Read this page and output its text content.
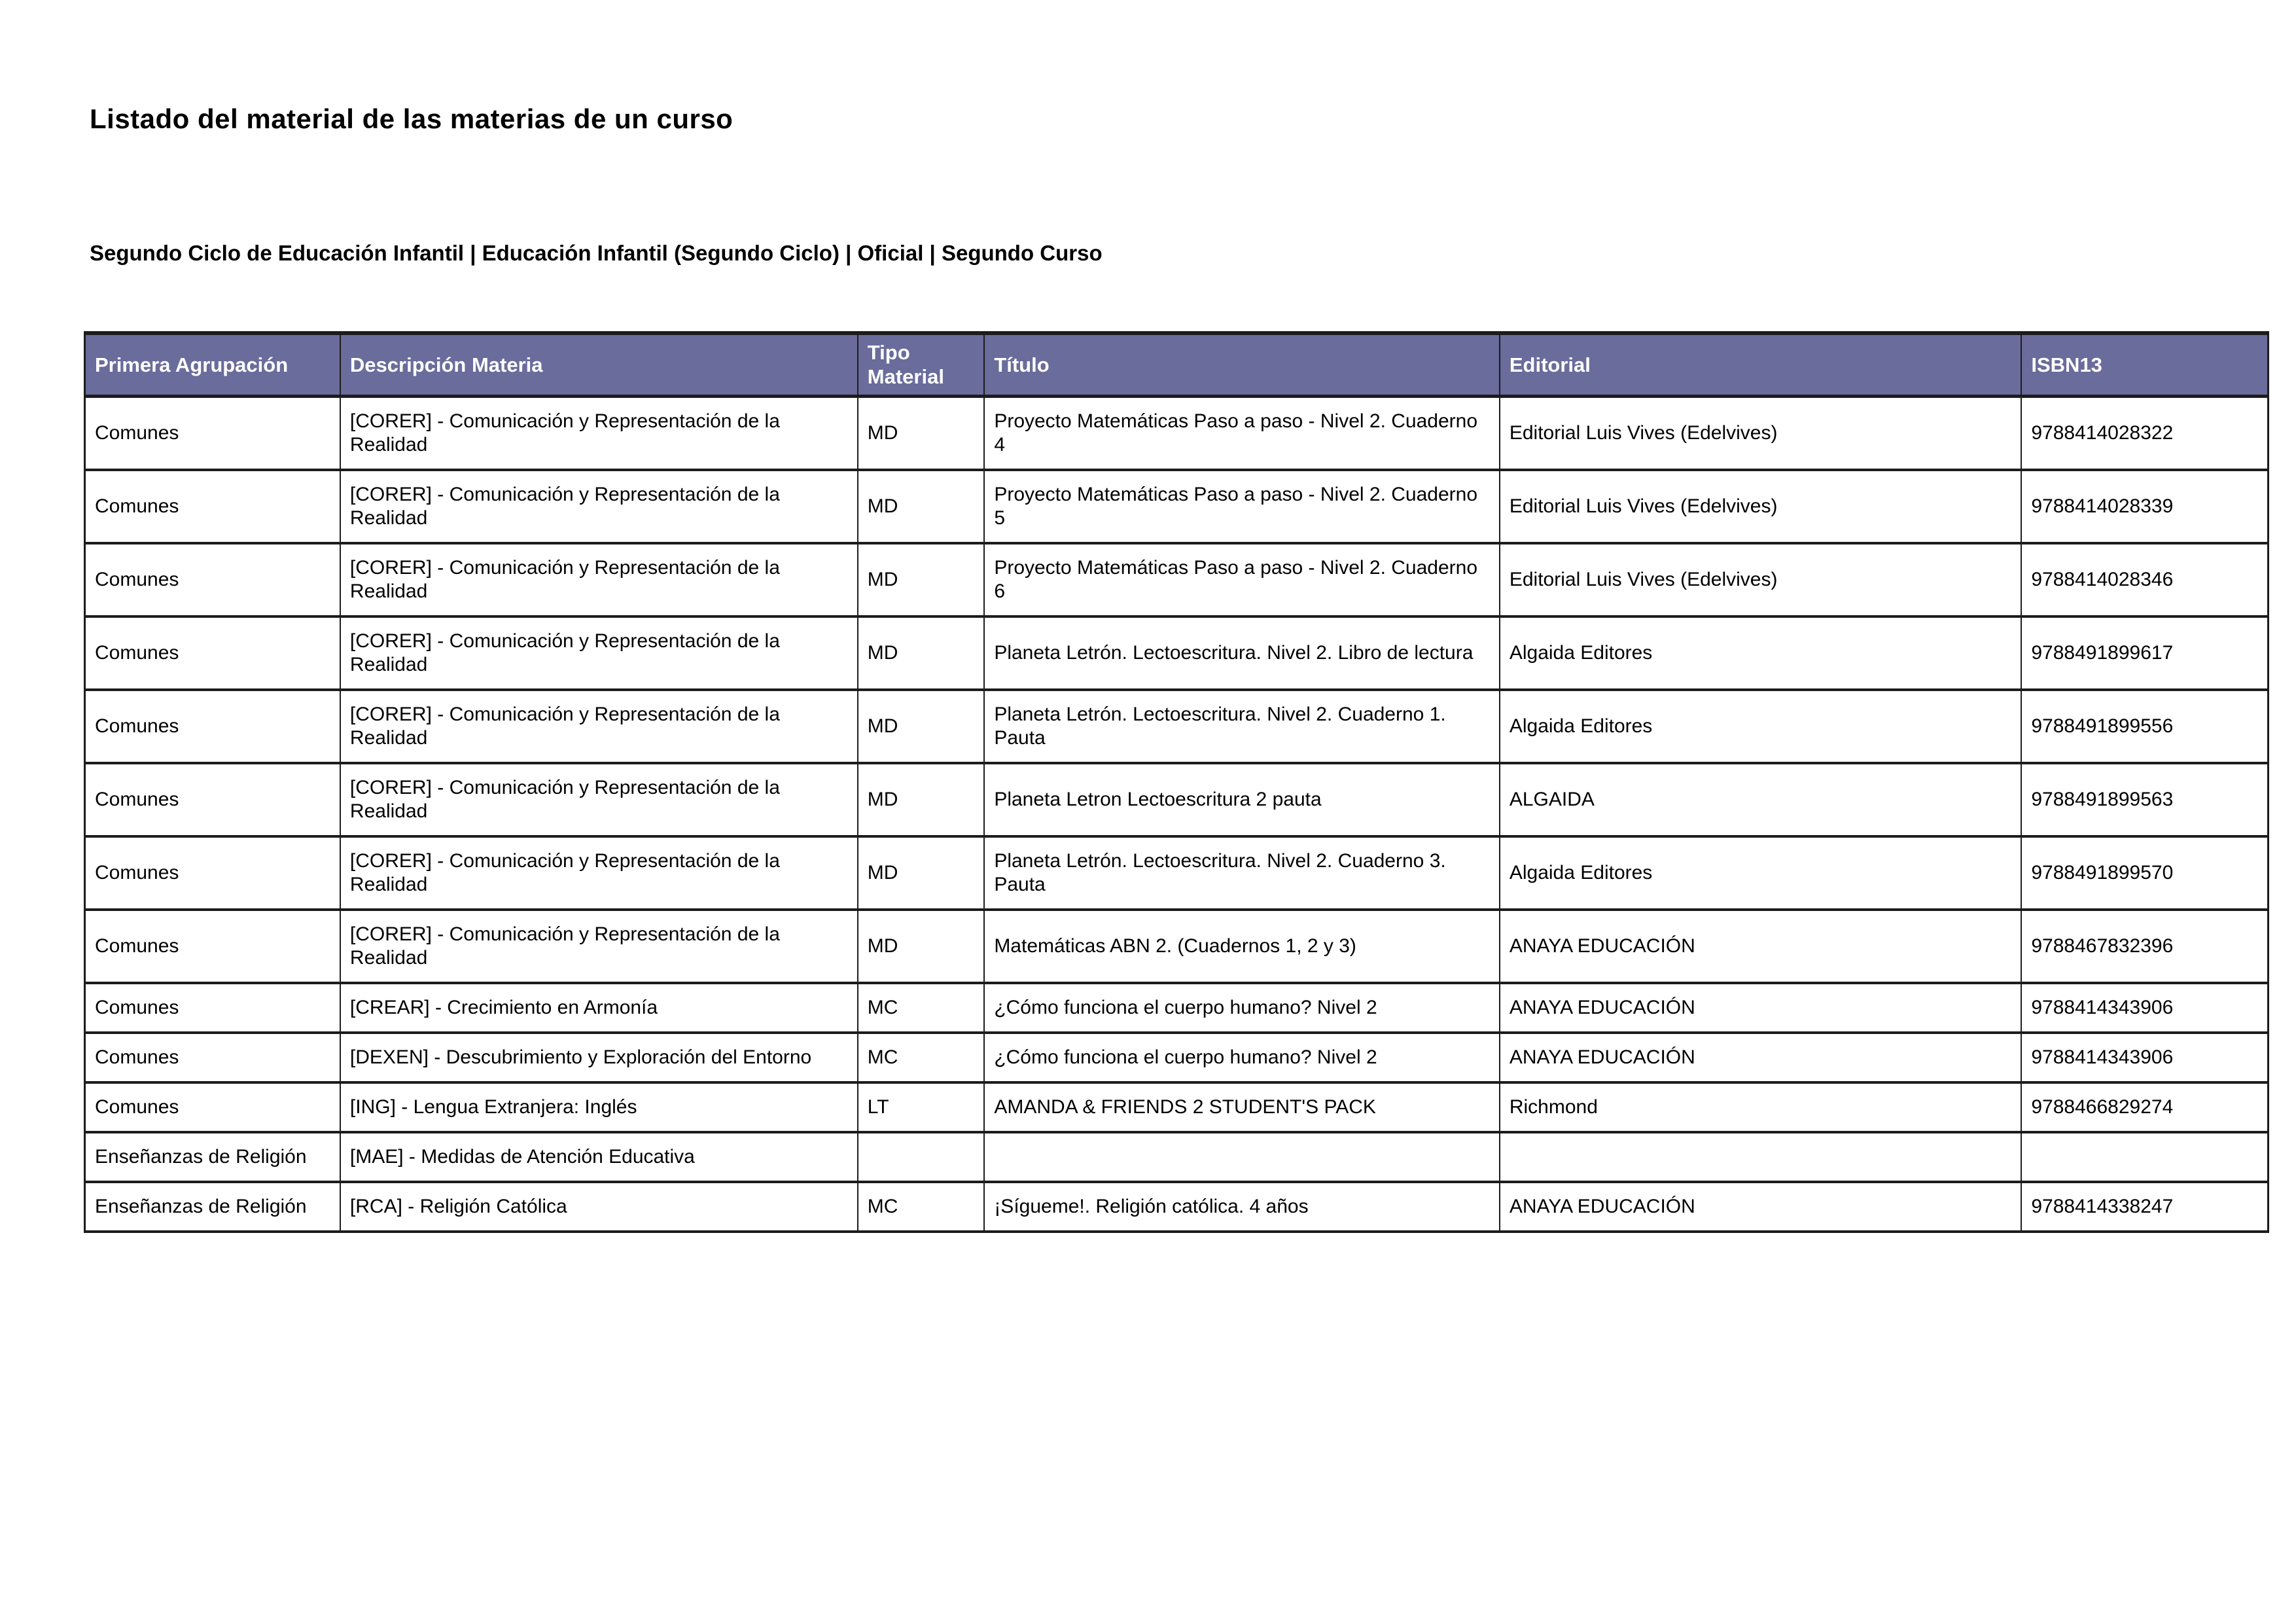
Listado del material de las materias de un curso
Segundo Ciclo de Educación Infantil | Educación Infantil (Segundo Ciclo) | Oficial | Segundo Curso
Primera Agrupación	Descripción Materia	Tipo Material	Título	Editorial	ISBN13
Comunes	[CORER] - Comunicación y Representación de la Realidad	MD	Proyecto Matemáticas Paso a paso - Nivel 2. Cuaderno 4	Editorial Luis Vives (Edelvives)	9788414028322
Comunes	[CORER] - Comunicación y Representación de la Realidad	MD	Proyecto Matemáticas Paso a paso - Nivel 2. Cuaderno 5	Editorial Luis Vives (Edelvives)	9788414028339
Comunes	[CORER] - Comunicación y Representación de la Realidad	MD	Proyecto Matemáticas Paso a paso - Nivel 2. Cuaderno 6	Editorial Luis Vives (Edelvives)	9788414028346
Comunes	[CORER] - Comunicación y Representación de la Realidad	MD	Planeta Letrón. Lectoescritura. Nivel 2. Libro de lectura	Algaida Editores	9788491899617
Comunes	[CORER] - Comunicación y Representación de la Realidad	MD	Planeta Letrón. Lectoescritura. Nivel 2. Cuaderno 1. Pauta	Algaida Editores	9788491899556
Comunes	[CORER] - Comunicación y Representación de la Realidad	MD	Planeta Letron Lectoescritura 2 pauta	ALGAIDA	9788491899563
Comunes	[CORER] - Comunicación y Representación de la Realidad	MD	Planeta Letrón. Lectoescritura. Nivel 2. Cuaderno 3. Pauta	Algaida Editores	9788491899570
Comunes	[CORER] - Comunicación y Representación de la Realidad	MD	Matemáticas ABN 2. (Cuadernos 1, 2 y 3)	ANAYA EDUCACIÓN	9788467832396
Comunes	[CREAR] - Crecimiento en Armonía	MC	¿Cómo funciona el cuerpo humano? Nivel 2	ANAYA EDUCACIÓN	9788414343906
Comunes	[DEXEN] - Descubrimiento y Exploración del Entorno	MC	¿Cómo funciona el cuerpo humano? Nivel 2	ANAYA EDUCACIÓN	9788414343906
Comunes	[ING] - Lengua Extranjera: Inglés	LT	AMANDA & FRIENDS 2 STUDENT'S PACK	Richmond	9788466829274
Enseñanzas de Religión	[MAE] - Medidas de Atención Educativa				
Enseñanzas de Religión	[RCA] - Religión Católica	MC	¡Sígueme!. Religión católica. 4 años	ANAYA EDUCACIÓN	9788414338247
